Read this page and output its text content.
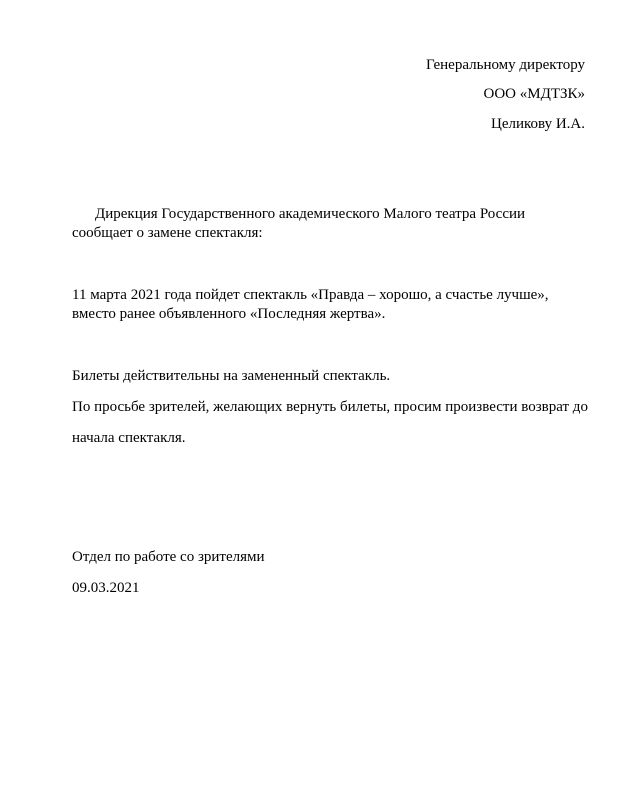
Генеральному директору
ООО «МДТЗК»
Целикову И.А.
Дирекция Государственного академического Малого театра России
сообщает о замене спектакля:
11 марта 2021 года пойдет спектакль «Правда – хорошо, а счастье лучше»,
вместо ранее объявленного «Последняя жертва».
Билеты действительны на замененный спектакль.
По просьбе зрителей, желающих вернуть билеты, просим произвести возврат до
начала спектакля.
Отдел по работе со зрителями
09.03.2021
